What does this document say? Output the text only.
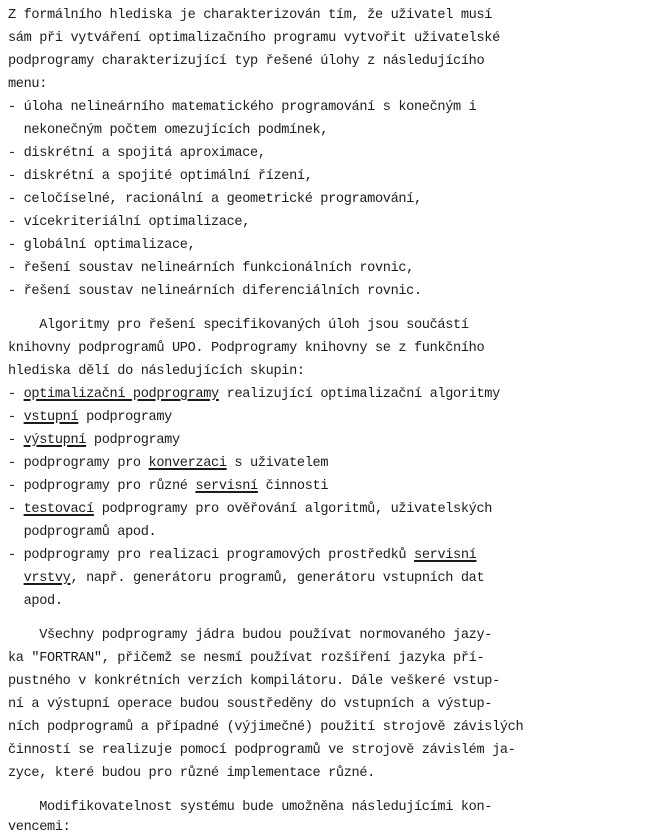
Z formálního hlediska je charakterizován tím, že uživatel musí
sám při vytváření optimalizačního programu vytvořit uživatelské
podprogramy charakterizující typ řešené úlohy z následujícího
menu:
- úloha nelineárního matematického programování s konečným i
nekonečným počtem omezujících podmínek,
- diskrétní a spojitá aproximace,
- diskrétní a spojité optimální řízení,
- celočíselné, racionální a geometrické programování,
- vícekriteriální optimalizace,
- globální optimalizace,
- řešení soustav nelineárních funkcionálních rovnic,
- řešení soustav nelineárních diferenciálních rovnic.
Algoritmy pro řešení specifikovaných úloh jsou součástí
knihovny podprogramů UPO. Podprogramy knihovny se z funkčního
hlediska dělí do následujících skupin:
- optimalizační podprogramy realizující optimalizační algoritmy
- vstupní podprogramy
- výstupní podprogramy
- podprogramy pro konverzaci s uživatelem
- podprogramy pro různé servisní činnosti
- testovací podprogramy pro ověřování algoritmů, uživatelských
podprogramů apod.
- podprogramy pro realizaci programových prostředků servisní
vrstvy, např. generátoru programů, generátoru vstupních dat
apod.
Všechny podprogramy jádra budou používat normovaného jazy-
ka "FORTRAN", přičemž se nesmí používat rozšíření jazyka pří-
pustného v konkrétních verzích kompilátoru. Dále veškeré vstup-
ní a výstupní operace budou soustředěny do vstupních a výstup-
ních podprogramů a případné (výjimečné) použití strojově závislých
činností se realizuje pomocí podprogramů ve strojově závislém ja-
zyce, které budou pro různé implementace různé.
Modifikovatelnost systému bude umožněna následujícími kon-
vencemi:
